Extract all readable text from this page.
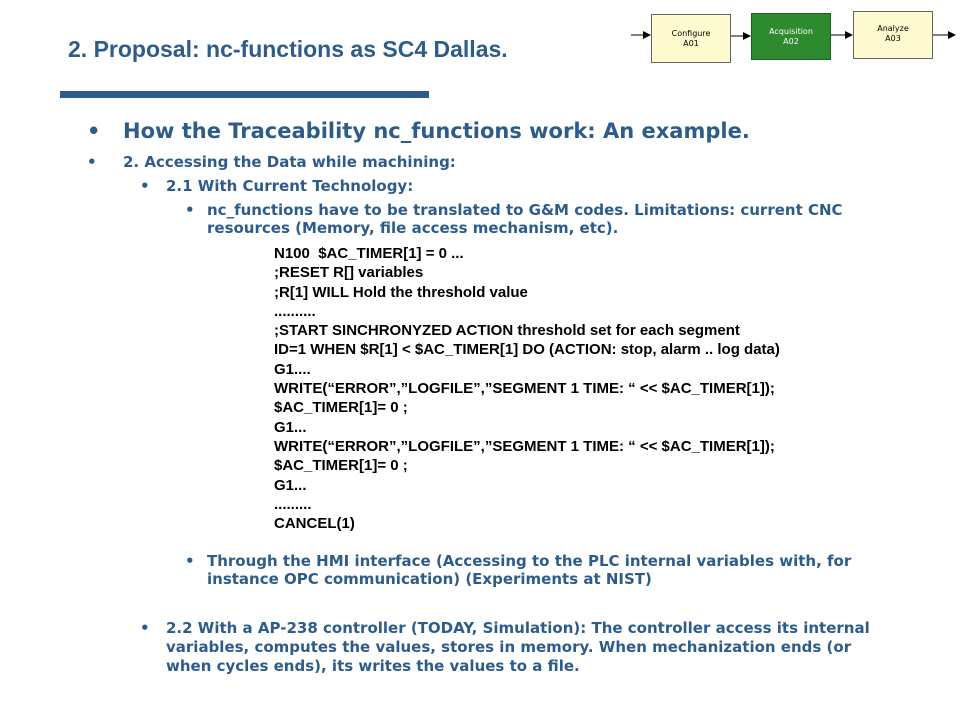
Configure
A01
Acquisition
A02
Analyze
A03
2. Proposal: nc-functions as SC4 Dallas.
• How the Traceability nc_functions work: An example.
• 2. Accessing the Data while machining:
• 2.1 With Current Technology:
• nc_functions have to be translated to G&M codes. Limitations: current CNC resources (Memory, file access mechanism, etc).
N100  $AC_TIMER[1] = 0 ...
;RESET R[] variables
;R[1] WILL Hold the threshold value
..........
;START SINCHRONYZED ACTION threshold set for each segment
ID=1 WHEN $R[1] < $AC_TIMER[1] DO (ACTION: stop, alarm .. log data)
G1....
WRITE(“ERROR”,”LOGFILE”,”SEGMENT 1 TIME: “ << $AC_TIMER[1]);
$AC_TIMER[1]= 0 ;
G1...
WRITE(“ERROR”,”LOGFILE”,”SEGMENT 1 TIME: “ << $AC_TIMER[1]);
$AC_TIMER[1]= 0 ;
G1...
.........
CANCEL(1)
• Through the HMI interface (Accessing to the PLC internal variables with, for instance OPC communication) (Experiments at NIST)
• 2.2 With a AP-238 controller (TODAY, Simulation): The controller access its internal variables, computes the values, stores in memory. When mechanization ends (or when cycles ends), its writes the values to a file.
